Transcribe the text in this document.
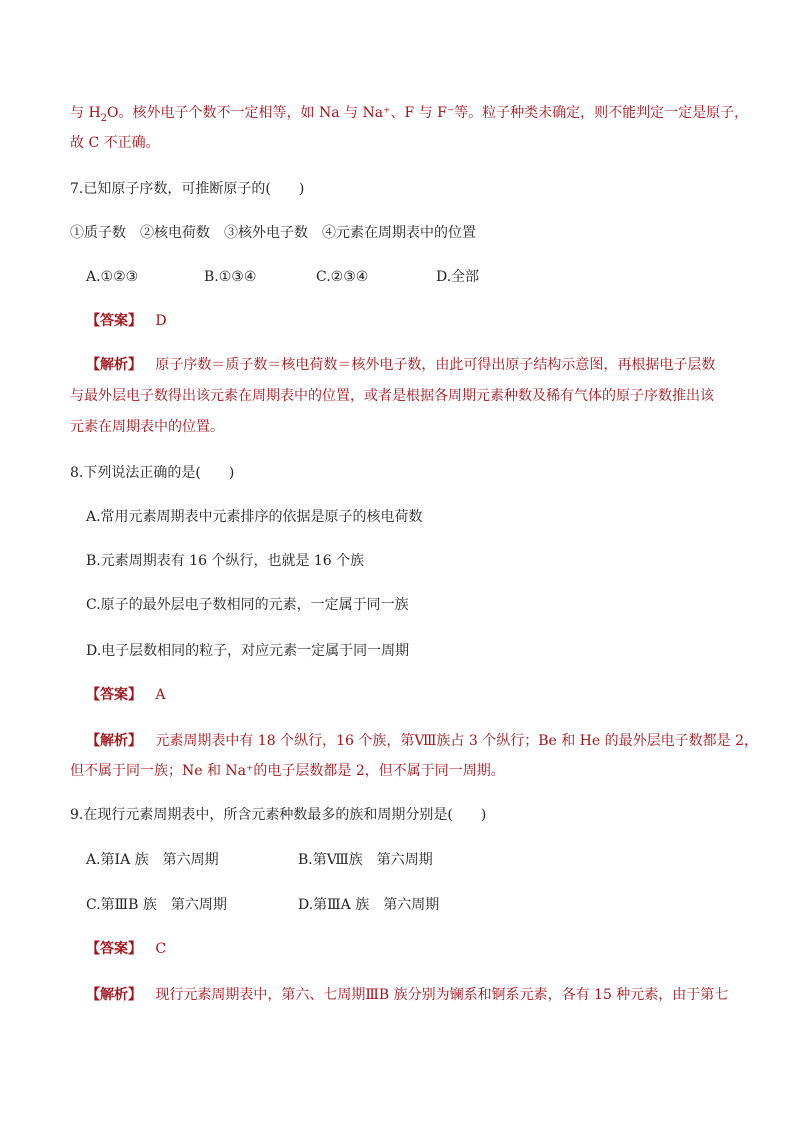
与 $H_2O$。核外电子个数不一定相等，如 Na 与 Na⁺、F 与 F⁻等。粒子种类未确定，则不能判定一定是原子，
故 C 不正确。
7.已知原子序数，可推断原子的(　　)
①质子数　②核电荷数　③核外电子数　④元素在周期表中的位置
A.①②③	B.①③④	C.②③④	D.全部
【答案】 D
【解析】 原子序数＝质子数＝核电荷数＝核外电子数，由此可得出原子结构示意图，再根据电子层数
与最外层电子数得出该元素在周期表中的位置，或者是根据各周期元素种数及稀有气体的原子序数推出该
元素在周期表中的位置。
8.下列说法正确的是(　　)
A.常用元素周期表中元素排序的依据是原子的核电荷数
B.元素周期表有 16 个纵行，也就是 16 个族
C.原子的最外层电子数相同的元素，一定属于同一族
D.电子层数相同的粒子，对应元素一定属于同一周期
【答案】 A
【解析】 元素周期表中有 18 个纵行，16 个族，第Ⅷ族占 3 个纵行；Be 和 He 的最外层电子数都是 2，
但不属于同一族；Ne 和 Na⁺的电子层数都是 2，但不属于同一周期。
9.在现行元素周期表中，所含元素种数最多的族和周期分别是(　　)
A.第ⅠA 族　第六周期	B.第Ⅷ族　第六周期
C.第ⅢB 族　第六周期	D.第ⅢA 族　第六周期
【答案】 C
【解析】 现行元素周期表中，第六、七周期ⅢB 族分别为镧系和锕系元素，各有 15 种元素，由于第七
